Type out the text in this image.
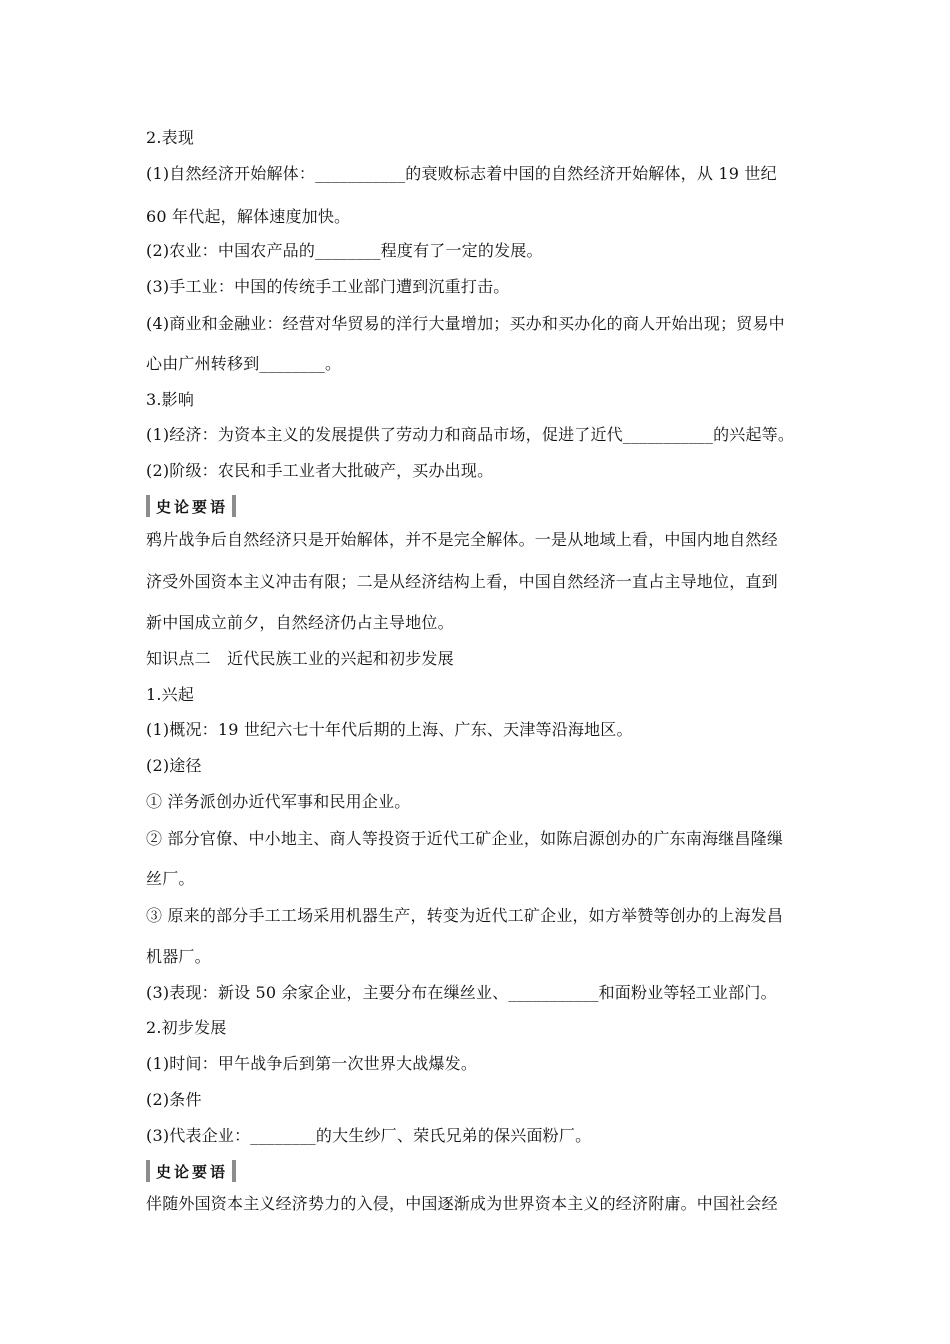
2.表现
(1)自然经济开始解体：___________的衰败标志着中国的自然经济开始解体，从 19 世纪
60 年代起，解体速度加快。
(2)农业：中国农产品的________程度有了一定的发展。
(3)手工业：中国的传统手工业部门遭到沉重打击。
(4)商业和金融业：经营对华贸易的洋行大量增加；买办和买办化的商人开始出现；贸易中
心由广州转移到________。
3.影响
(1)经济：为资本主义的发展提供了劳动力和商品市场，促进了近代___________的兴起等。
(2)阶级：农民和手工业者大批破产，买办出现。
史论要语
鸦片战争后自然经济只是开始解体，并不是完全解体。一是从地域上看，中国内地自然经
济受外国资本主义冲击有限；二是从经济结构上看，中国自然经济一直占主导地位，直到
新中国成立前夕，自然经济仍占主导地位。
知识点二　近代民族工业的兴起和初步发展
1.兴起
(1)概况：19 世纪六七十年代后期的上海、广东、天津等沿海地区。
(2)途径
① 洋务派创办近代军事和民用企业。
② 部分官僚、中小地主、商人等投资于近代工矿企业，如陈启源创办的广东南海继昌隆缫
丝厂。
③ 原来的部分手工工场采用机器生产，转变为近代工矿企业，如方举赞等创办的上海发昌
机器厂。
(3)表现：新设 50 余家企业，主要分布在缫丝业、___________和面粉业等轻工业部门。
2.初步发展
(1)时间：甲午战争后到第一次世界大战爆发。
(2)条件
(3)代表企业：________的大生纱厂、荣氏兄弟的保兴面粉厂。
史论要语
伴随外国资本主义经济势力的入侵，中国逐渐成为世界资本主义的经济附庸。中国社会经
